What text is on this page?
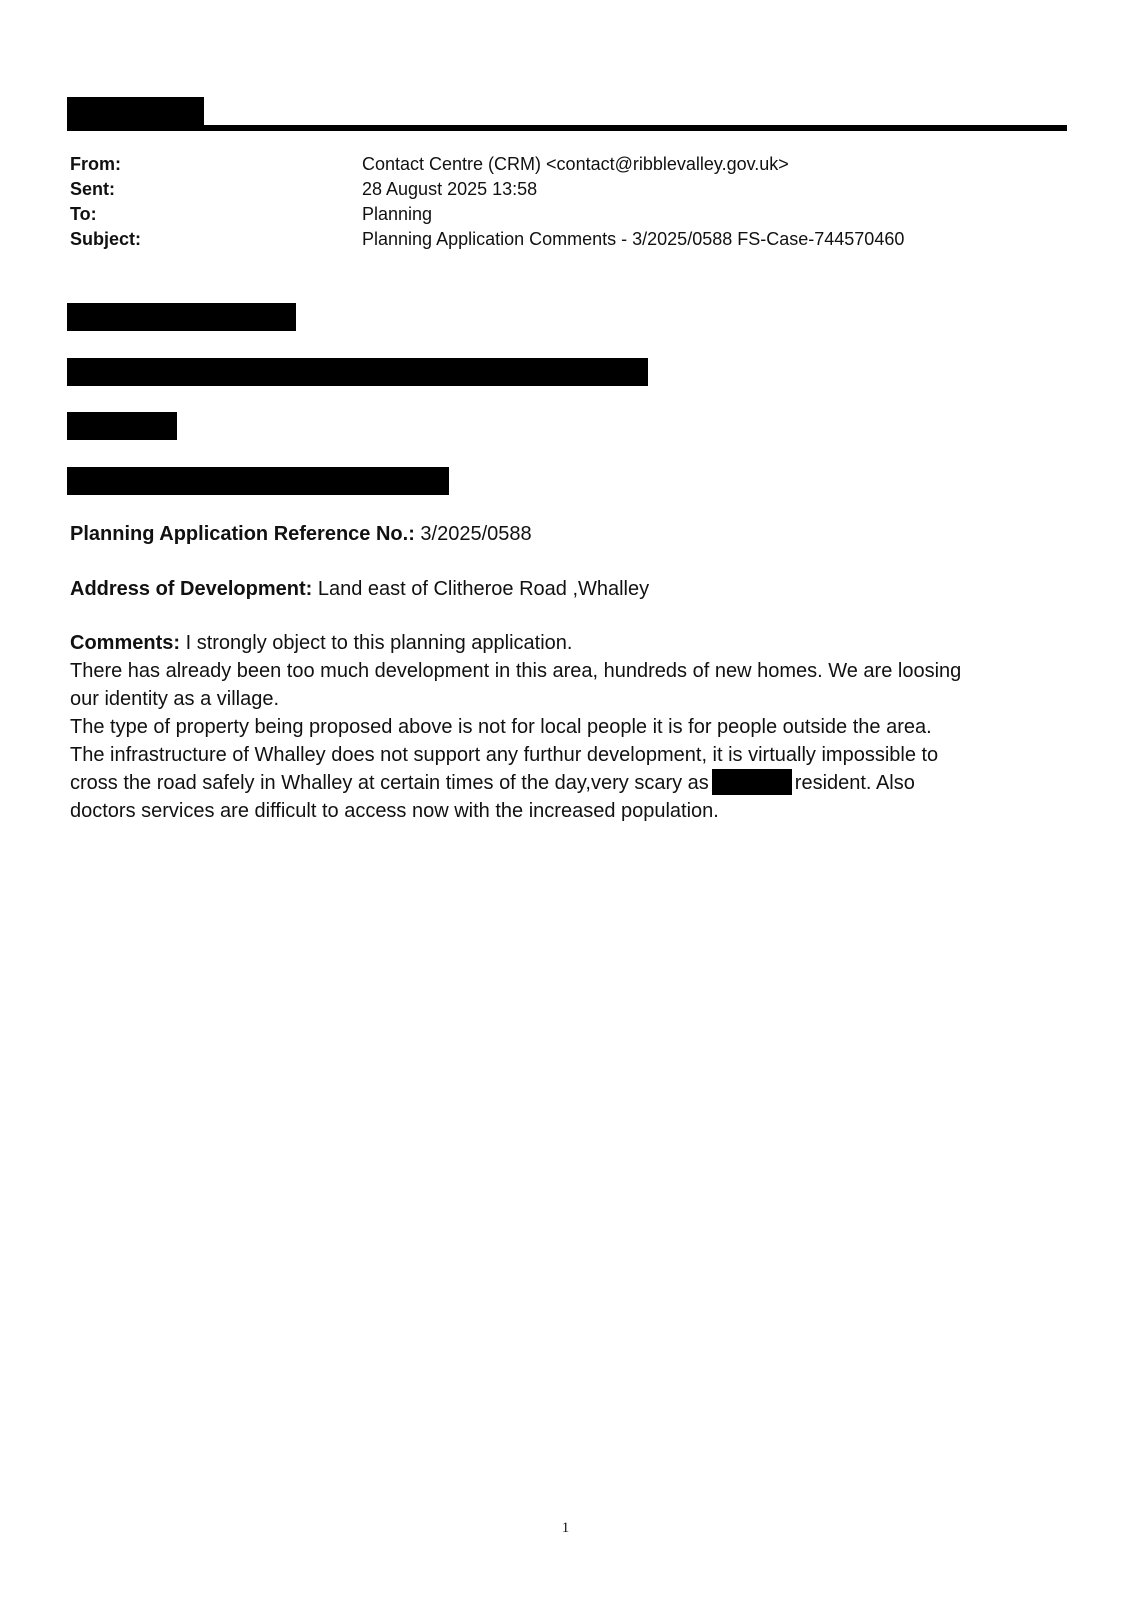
From:	Contact Centre (CRM) <contact@ribblevalley.gov.uk>
Sent:	28 August 2025 13:58
To:	Planning
Subject:	Planning Application Comments - 3/2025/0588 FS-Case-744570460
Planning Application Reference No.: 3/2025/0588
Address of Development: Land east of Clitheroe Road ,Whalley
Comments: I strongly object to this planning application.
There has already been too much development in this area, hundreds of new homes. We are loosing
our identity as a village.
The type of property being proposed above is not for local people it is for people outside the area.
The infrastructure of Whalley does not support any furthur development, it is virtually impossible to
cross the road safely in Whalley at certain times of the day,very scary as	resident. Also
doctors services are difficult to access now with the increased population.
1
